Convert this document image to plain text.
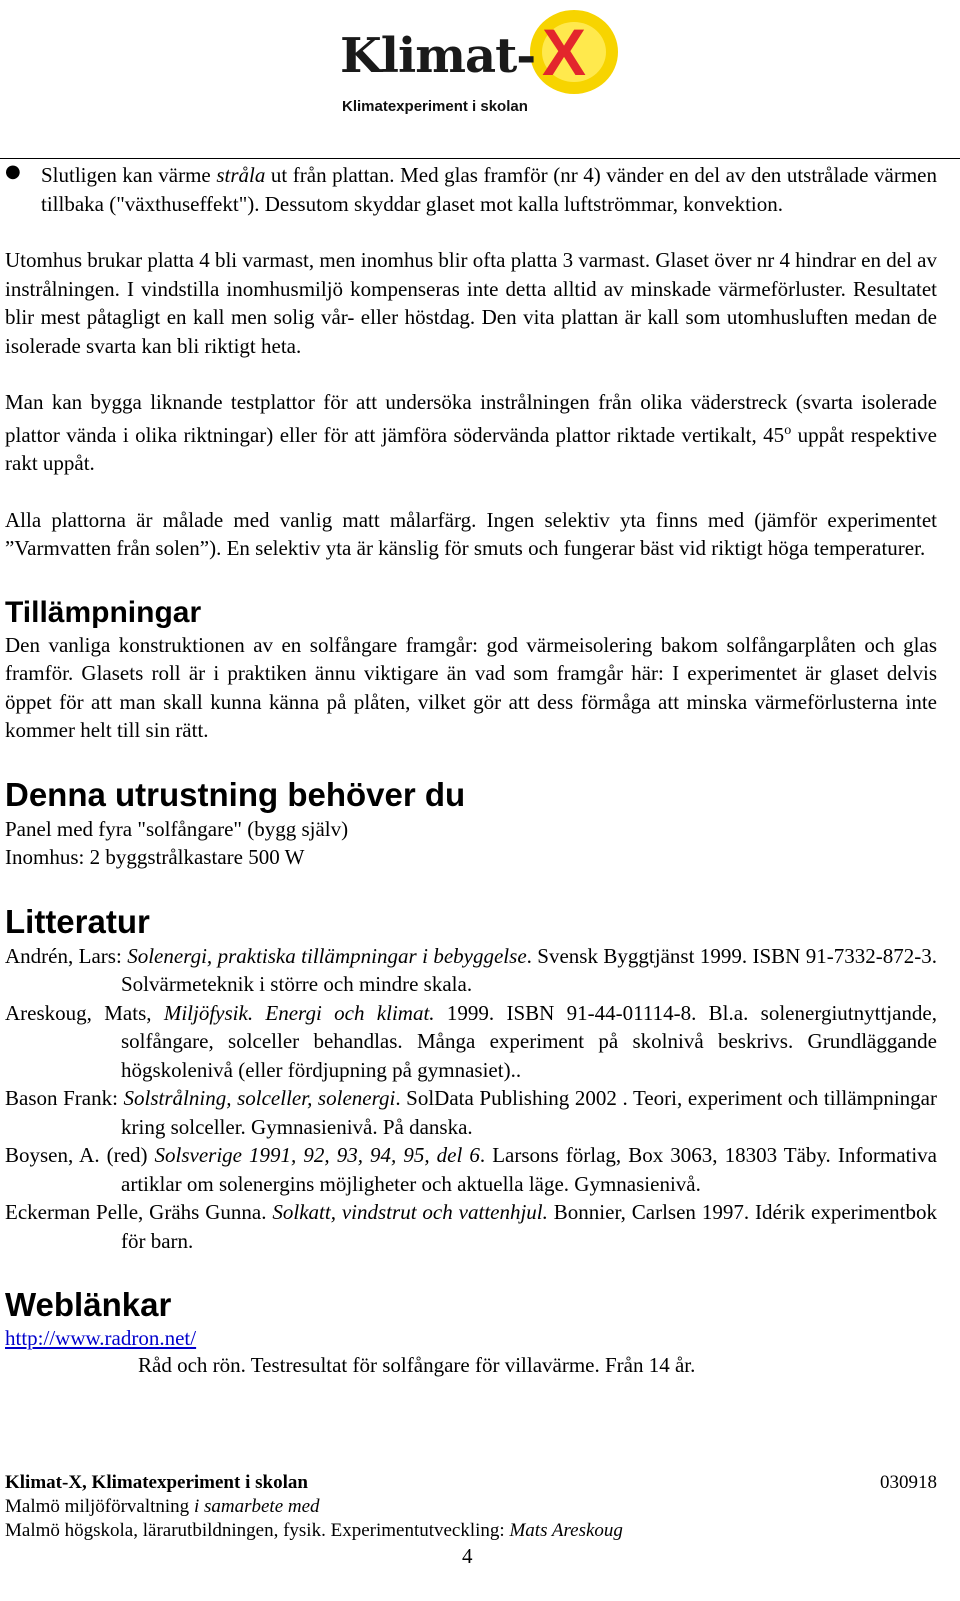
Klimat- X
Klimatexperiment i skolan
● Slutligen kan värme stråla ut från plattan. Med glas framför (nr 4) vänder en del av den utstrålade värmen tillbaka ("växthuseffekt"). Dessutom skyddar glaset mot kalla luftströmmar, konvektion.

Utomhus brukar platta 4 bli varmast, men inomhus blir ofta platta 3 varmast. Glaset över nr 4 hindrar en del av instrålningen. I vindstilla inomhusmiljö kompenseras inte detta alltid av minskade värmeförluster. Resultatet blir mest påtagligt en kall men solig vår- eller höstdag. Den vita plattan är kall som utomhusluften medan de isolerade svarta kan bli riktigt heta.

Man kan bygga liknande testplattor för att undersöka instrålningen från olika väderstreck (svarta isolerade plattor vända i olika riktningar) eller för att jämföra södervända plattor riktade vertikalt, 45$^o$ uppåt respektive rakt uppåt.

Alla plattorna är målade med vanlig matt målarfärg. Ingen selektiv yta finns med (jämför experimentet ”Varmvatten från solen”). En selektiv yta är känslig för smuts och fungerar bäst vid riktigt höga temperaturer.

Tillämpningar

Den vanliga konstruktionen av en solfångare framgår: god värmeisolering bakom solfångarplåten och glas framför. Glasets roll är i praktiken ännu viktigare än vad som framgår här: I experimentet är glaset delvis öppet för att man skall kunna känna på plåten, vilket gör att dess förmåga att minska värmeförlusterna inte kommer helt till sin rätt.

Denna utrustning behöver du

Panel med fyra "solfångare" (bygg själv)

Inomhus: 2 byggstrålkastare 500 W

Litteratur
Andrén, Lars: Solenergi, praktiska tillämpningar i bebyggelse. Svensk Byggtjänst 1999. ISBN 91-7332-872-3. Solvärmeteknik i större och mindre skala.
Areskoug, Mats, Miljöfysik. Energi och klimat. 1999. ISBN 91-44-01114-8. Bl.a. solenergiutnyttjande, solfångare, solceller behandlas. Många experiment på skolnivå beskrivs. Grundläggande högskolenivå (eller fördjupning på gymnasiet)..
Bason Frank: Solstrålning, solceller, solenergi. SolData Publishing 2002 . Teori, experiment och tillämpningar kring solceller. Gymnasienivå. På danska.
Boysen, A. (red) Solsverige 1991, 92, 93, 94, 95, del 6. Larsons förlag, Box 3063, 18303 Täby. Informativa artiklar om solenergins möjligheter och aktuella läge. Gymnasienivå.
Eckerman Pelle, Grähs Gunna. Solkatt, vindstrut och vattenhjul. Bonnier, Carlsen 1997. Idérik experimentbok för barn.
Weblänkar

http://www.radron.net/

Råd och rön. Testresultat för solfångare för villavärme. Från 14 år.
Klimat-X, Klimatexperiment i skolan	030918
Malmö miljöförvaltning i samarbete med
Malmö högskola, lärarutbildningen, fysik. Experimentutveckling: Mats Areskoug
4
